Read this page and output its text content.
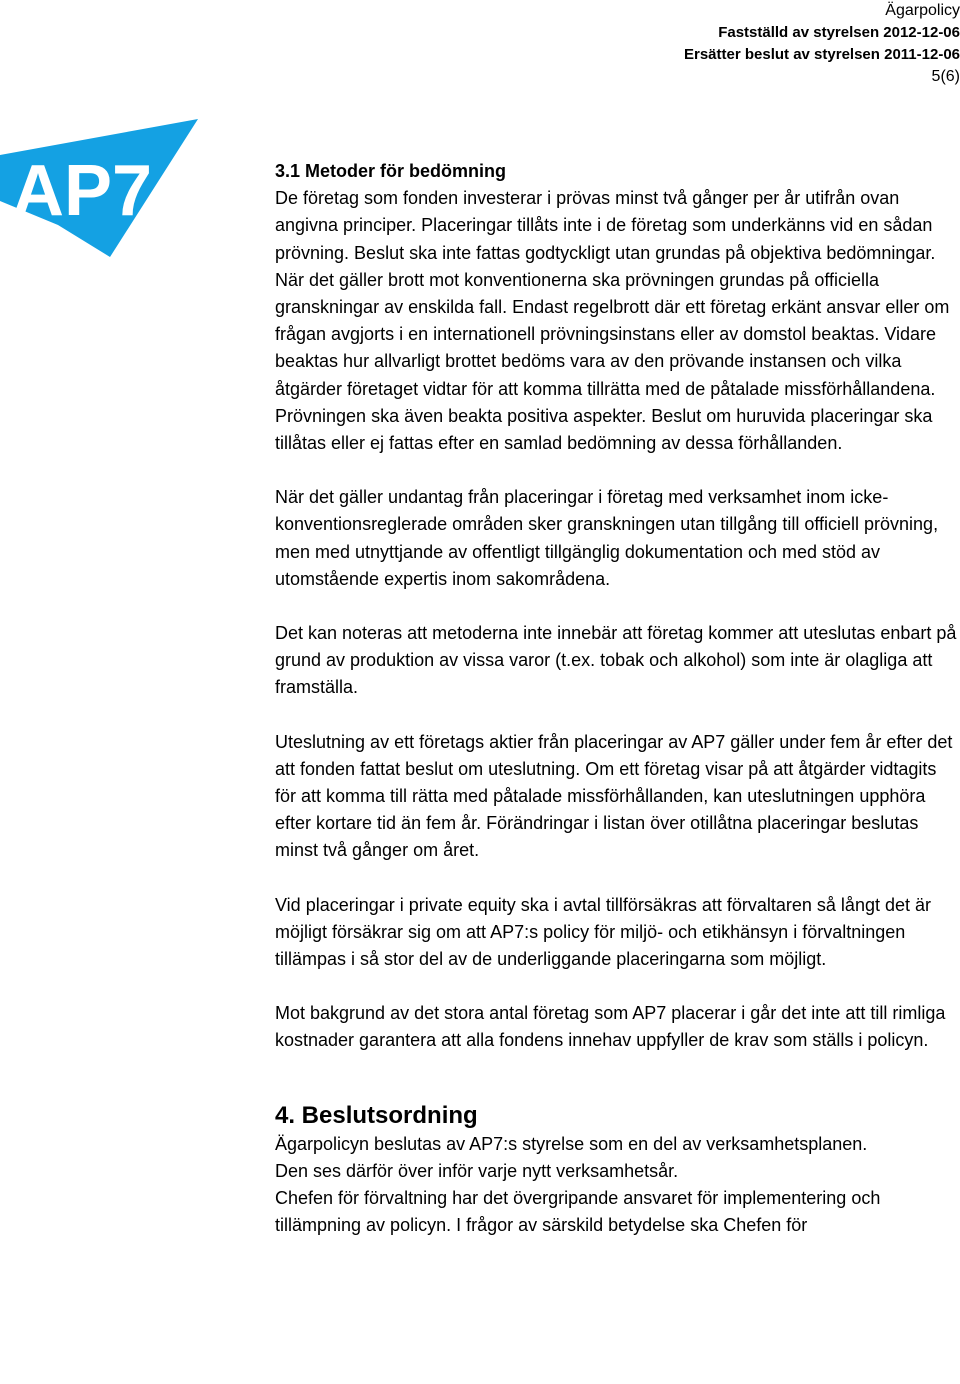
Ägarpolicy
Fastställd av styrelsen 2012-12-06
Ersätter beslut av styrelsen 2011-12-06
5(6)
AP7	3.1 Metoder för bedömning

De företag som fonden investerar i prövas minst två gånger per år utifrån ovan angivna principer. Placeringar tillåts inte i de företag som underkänns vid en sådan prövning. Beslut ska inte fattas godtyckligt utan grundas på objektiva bedömningar. När det gäller brott mot konventionerna ska prövningen grundas på officiella granskningar av enskilda fall. Endast regelbrott där ett företag erkänt ansvar eller om frågan avgjorts i en internationell prövningsinstans eller av domstol beaktas. Vidare beaktas hur allvarligt brottet bedöms vara av den prövande instansen och vilka åtgärder företaget vidtar för att komma tillrätta med de påtalade missförhållandena. Prövningen ska även beakta positiva aspekter. Beslut om huruvida placeringar ska tillåtas eller ej fattas efter en samlad bedömning av dessa förhållanden.

När det gäller undantag från placeringar i företag med verksamhet inom icke-konventionsreglerade områden sker granskningen utan tillgång till officiell prövning, men med utnyttjande av offentligt tillgänglig dokumentation och med stöd av utomstående expertis inom sakområdena.

Det kan noteras att metoderna inte innebär att företag kommer att uteslutas enbart på grund av produktion av vissa varor (t.ex. tobak och alkohol) som inte är olagliga att framställa.

Uteslutning av ett företags aktier från placeringar av AP7 gäller under fem år efter det att fonden fattat beslut om uteslutning. Om ett företag visar på att åtgärder vidtagits för att komma till rätta med påtalade missförhållanden, kan uteslutningen upphöra efter kortare tid än fem år. Förändringar i listan över otillåtna placeringar beslutas minst två gånger om året.

Vid placeringar i private equity ska i avtal tillförsäkras att förvaltaren så långt det är möjligt försäkrar sig om att AP7:s policy för miljö- och etikhänsyn i förvaltningen tillämpas i så stor del av de underliggande placeringarna som möjligt.

Mot bakgrund av det stora antal företag som AP7 placerar i går det inte att till rimliga kostnader garantera att alla fondens innehav uppfyller de krav som ställs i policyn.

4. Beslutsordning

Ägarpolicyn beslutas av AP7:s styrelse som en del av verksamhetsplanen.

Den ses därför över inför varje nytt verksamhetsår.

Chefen för förvaltning har det övergripande ansvaret för implementering och tillämpning av policyn. I frågor av särskild betydelse ska Chefen för
